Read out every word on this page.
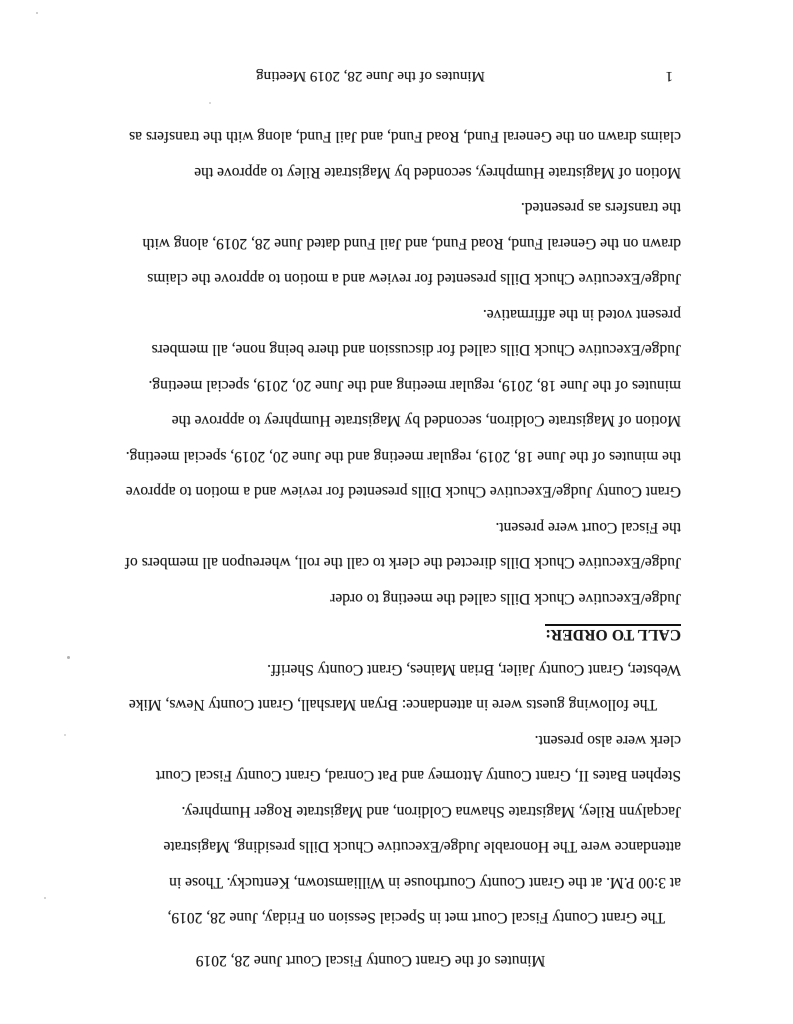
Minutes of the Grant County Fiscal Court June 28, 2019
The Grant County Fiscal Court met in Special Session on Friday, June 28, 2019,
at 3:00 P.M. at the Grant County Courthouse in Williamstown, Kentucky. Those in
attendance were The Honorable Judge/Executive Chuck Dills presiding, Magistrate
Jacqalynn Riley, Magistrate Shawna Coldiron, and Magistrate Roger Humphrey.
Stephen Bates II, Grant County Attorney and Pat Conrad, Grant County Fiscal Court
clerk were also present.
The following guests were in attendance: Bryan Marshall, Grant County News, Mike
Webster, Grant County Jailer, Brian Maines, Grant County Sheriff.
CALL TO ORDER:
Judge/Executive Chuck Dills called the meeting to order
Judge/Executive Chuck Dills directed the clerk to call the roll, whereupon all members of
the Fiscal Court were present.
Grant County Judge/Executive Chuck Dills presented for review and a motion to approve
the minutes of the June 18, 2019, regular meeting and the June 20, 2019, special meeting.
Motion of Magistrate Coldiron, seconded by Magistrate Humphrey to approve the
minutes of the June 18, 2019, regular meeting and the June 20, 2019, special meeting.
Judge/Executive Chuck Dills called for discussion and there being none, all members
present voted in the affirmative.
Judge/Executive Chuck Dills presented for review and a motion to approve the claims
drawn on the General Fund, Road Fund, and Jail Fund dated June 28, 2019, along with
the transfers as presented.
Motion of Magistrate Humphrey, seconded by Magistrate Riley to approve the
claims drawn on the General Fund, Road Fund, and Jail Fund, along with the transfers as
1
Minutes of the June 28, 2019 Meeting
